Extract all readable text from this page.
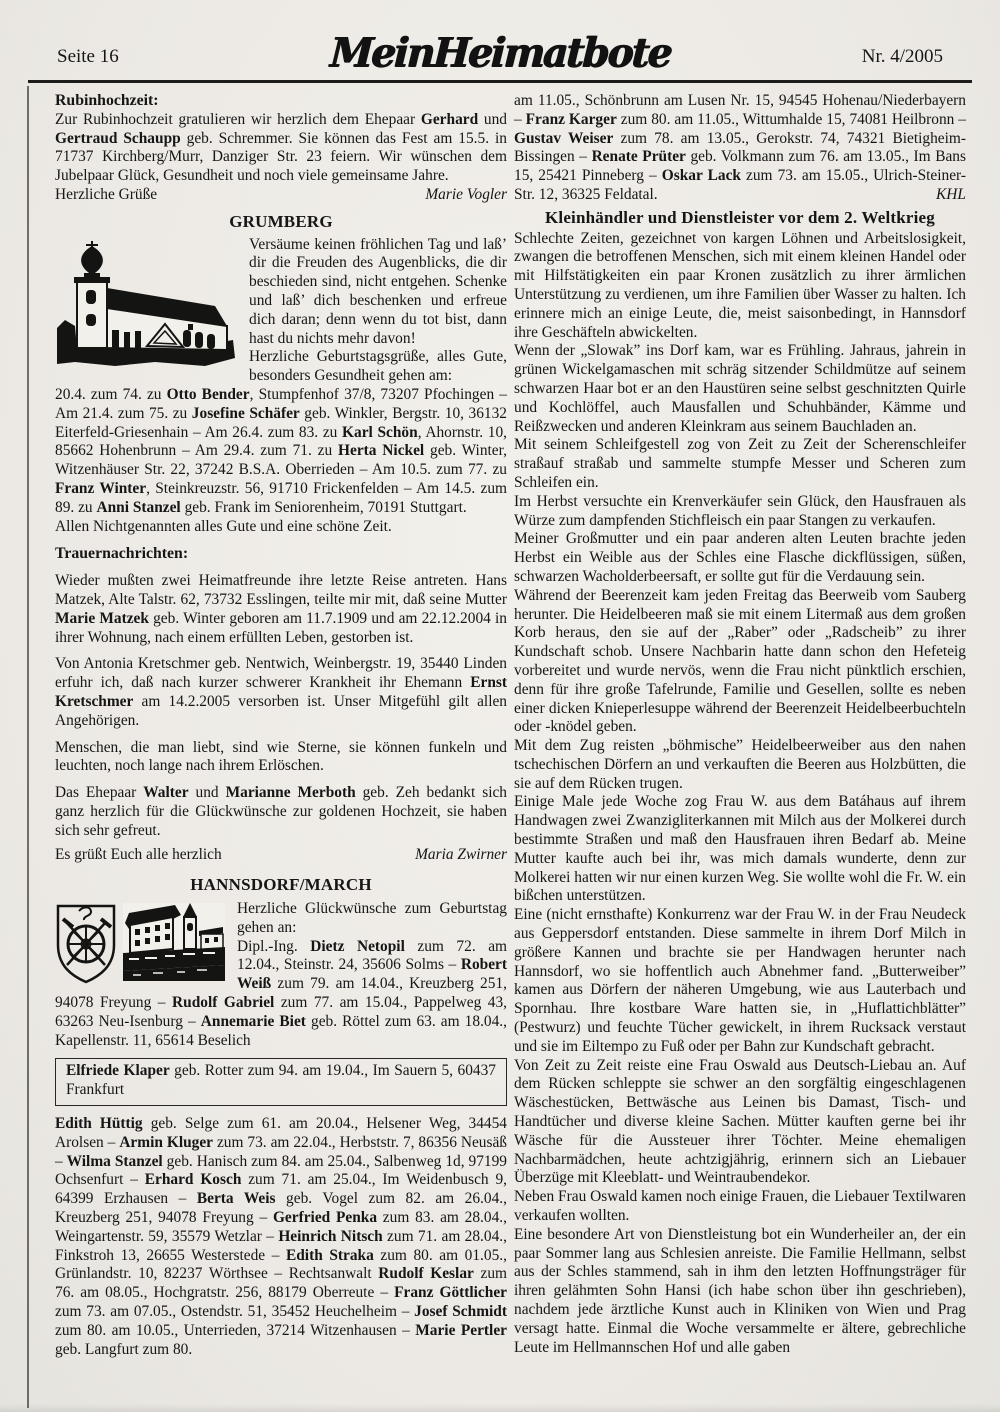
Seite 16	MeinHeimatbote	Nr. 4/2005

Rubinhochzeit:

Zur Rubinhochzeit gratulieren wir herzlich dem Ehepaar Gerhard und Gertraud Schaupp geb. Schremmer. Sie können das Fest am 15.5. in 71737 Kirchberg/Murr, Danziger Str. 23 feiern. Wir wünschen dem Jubelpaar Glück, Gesundheit und noch viele gemeinsame Jahre.

Herzliche Grüße	Marie Vogler

GRUMBERG

Versäume keinen fröhlichen Tag und laß’ dir die Freuden des Augenblicks, die dir beschieden sind, nicht entgehen. Schenke und laß’ dich beschenken und erfreue dich daran; denn wenn du tot bist, dann hast du nichts mehr davon!

Herzliche Geburtstagsgrüße, alles Gute, besonders Gesundheit gehen am:

20.4. zum 74. zu Otto Bender, Stumpfenhof 37/8, 73207 Pfochingen – Am 21.4. zum 75. zu Josefine Schäfer geb. Winkler, Bergstr. 10, 36132 Eiterfeld-Griesenhain – Am 26.4. zum 83. zu Karl Schön, Ahornstr. 10, 85662 Hohenbrunn – Am 29.4. zum 71. zu Herta Nickel geb. Winter, Witzenhäuser Str. 22, 37242 B.S.A. Oberrieden – Am 10.5. zum 77. zu Franz Winter, Steinkreuzstr. 56, 91710 Frickenfelden – Am 14.5. zum 89. zu Anni Stanzel geb. Frank im Seniorenheim, 70191 Stuttgart.

Allen Nichtgenannten alles Gute und eine schöne Zeit.

Trauernachrichten:

Wieder mußten zwei Heimatfreunde ihre letzte Reise antreten. Hans Matzek, Alte Talstr. 62, 73732 Esslingen, teilte mir mit, daß seine Mutter Marie Matzek geb. Winter geboren am 11.7.1909 und am 22.12.2004 in ihrer Wohnung, nach einem erfüllten Leben, gestorben ist.

Von Antonia Kretschmer geb. Nentwich, Weinbergstr. 19, 35440 Linden erfuhr ich, daß nach kurzer schwerer Krankheit ihr Ehemann Ernst Kretschmer am 14.2.2005 versorben ist. Unser Mitgefühl gilt allen Angehörigen.

Menschen, die man liebt, sind wie Sterne, sie können funkeln und leuchten, noch lange nach ihrem Erlöschen.

Das Ehepaar Walter und Marianne Merboth geb. Zeh bedankt sich ganz herzlich für die Glückwünsche zur goldenen Hochzeit, sie haben sich sehr gefreut.

Es grüßt Euch alle herzlich	Maria Zwirner

HANNSDORF/MARCH

Herzliche Glückwünsche zum Geburtstag gehen an:

Dipl.-Ing. Dietz Netopil zum 72. am 12.04., Steinstr. 24, 35606 Solms – Robert Weiß zum 79. am 14.04., Kreuzberg 251, 94078 Freyung – Rudolf Gabriel zum 77. am 15.04., Pappelweg 43, 63263 Neu-Isenburg – Annemarie Biet geb. Röttel zum 63. am 18.04., Kapellenstr. 11, 65614 Beselich

Elfriede Klaper geb. Rotter zum 94. am 19.04., Im Sauern 5, 60437 Frankfurt

Edith Hüttig geb. Selge zum 61. am 20.04., Helsener Weg, 34454 Arolsen – Armin Kluger zum 73. am 22.04., Herbststr. 7, 86356 Neusäß – Wilma Stanzel geb. Hanisch zum 84. am 25.04., Salbenweg 1d, 97199 Ochsenfurt – Erhard Kosch zum 71. am 25.04., Im Weidenbusch 9, 64399 Erzhausen – Berta Weis geb. Vogel zum 82. am 26.04., Kreuzberg 251, 94078 Freyung – Gerfried Penka zum 83. am 28.04., Weingartenstr. 59, 35579 Wetzlar – Heinrich Nitsch zum 71. am 28.04., Finkstroh 13, 26655 Westerstede – Edith Straka zum 80. am 01.05., Grünlandstr. 10, 82237 Wörthsee – Rechtsanwalt Rudolf Keslar zum 76. am 08.05., Hochgratstr. 256, 88179 Oberreute – Franz Göttlicher zum 73. am 07.05., Ostendstr. 51, 35452 Heuchelheim – Josef Schmidt zum 80. am 10.05., Unterrieden, 37214 Witzenhausen – Marie Pertler geb. Langfurt zum 80.

am 11.05., Schönbrunn am Lusen Nr. 15, 94545 Hohenau/Niederbayern – Franz Karger zum 80. am 11.05., Wittumhalde 15, 74081 Heilbronn – Gustav Weiser zum 78. am 13.05., Gerokstr. 74, 74321 Bietigheim-Bissingen – Renate Prüter geb. Volkmann zum 76. am 13.05., Im Bans 15, 25421 Pinneberg – Oskar Lack zum 73. am 15.05., Ulrich-Steiner-Str. 12, 36325 Feldatal. 	KHL

Kleinhändler und Dienstleister vor dem 2. Weltkrieg

Schlechte Zeiten, gezeichnet von kargen Löhnen und Arbeitslosigkeit, zwangen die betroffenen Menschen, sich mit einem kleinen Handel oder mit Hilfstätigkeiten ein paar Kronen zusätzlich zu ihrer ärmlichen Unterstützung zu verdienen, um ihre Familien über Wasser zu halten. Ich erinnere mich an einige Leute, die, meist saisonbedingt, in Hannsdorf ihre Geschäfteln abwickelten.

Wenn der „Slowak” ins Dorf kam, war es Frühling. Jahraus, jahrein in grünen Wickelgamaschen mit schräg sitzender Schildmütze auf seinem schwarzen Haar bot er an den Haustüren seine selbst geschnitzten Quirle und Kochlöffel, auch Mausfallen und Schuhbänder, Kämme und Reißzwecken und anderen Kleinkram aus seinem Bauchladen an.

Mit seinem Schleifgestell zog von Zeit zu Zeit der Scherenschleifer straßauf straßab und sammelte stumpfe Messer und Scheren zum Schleifen ein.

Im Herbst versuchte ein Krenverkäufer sein Glück, den Hausfrauen als Würze zum dampfenden Stichfleisch ein paar Stangen zu verkaufen.

Meiner Großmutter und ein paar anderen alten Leuten brachte jeden Herbst ein Weible aus der Schles eine Flasche dickflüssigen, süßen, schwarzen Wacholderbeersaft, er sollte gut für die Verdauung sein.

Während der Beerenzeit kam jeden Freitag das Beerweib vom Sauberg herunter. Die Heidelbeeren maß sie mit einem Litermaß aus dem großen Korb heraus, den sie auf der „Raber” oder „Radscheib” zu ihrer Kundschaft schob. Unsere Nachbarin hatte dann schon den Hefeteig vorbereitet und wurde nervös, wenn die Frau nicht pünktlich erschien, denn für ihre große Tafelrunde, Familie und Gesellen, sollte es neben einer dicken Knieperlesuppe während der Beerenzeit Heidelbeerbuchteln oder -knödel geben.

Mit dem Zug reisten „böhmische” Heidelbeerweiber aus den nahen tschechischen Dörfern an und verkauften die Beeren aus Holzbütten, die sie auf dem Rücken trugen.

Einige Male jede Woche zog Frau W. aus dem Batáhaus auf ihrem Handwagen zwei Zwanzigliterkannen mit Milch aus der Molkerei durch bestimmte Straßen und maß den Hausfrauen ihren Bedarf ab. Meine Mutter kaufte auch bei ihr, was mich damals wunderte, denn zur Molkerei hatten wir nur einen kurzen Weg. Sie wollte wohl die Fr. W. ein bißchen unterstützen.

Eine (nicht ernsthafte) Konkurrenz war der Frau W. in der Frau Neudeck aus Geppersdorf entstanden. Diese sammelte in ihrem Dorf Milch in größere Kannen und brachte sie per Handwagen herunter nach Hannsdorf, wo sie hoffentlich auch Abnehmer fand. „Butterweiber” kamen aus Dörfern der näheren Umgebung, wie aus Lauterbach und Spornhau. Ihre kostbare Ware hatten sie, in „Huflattichblätter” (Pestwurz) und feuchte Tücher gewickelt, in ihrem Rucksack verstaut und sie im Eiltempo zu Fuß oder per Bahn zur Kundschaft gebracht.

Von Zeit zu Zeit reiste eine Frau Oswald aus Deutsch-Liebau an. Auf dem Rücken schleppte sie schwer an den sorgfältig eingeschlagenen Wäschestücken, Bettwäsche aus Leinen bis Damast, Tisch- und Handtücher und diverse kleine Sachen. Mütter kauften gerne bei ihr Wäsche für die Aussteuer ihrer Töchter. Meine ehemaligen Nachbarmädchen, heute achtzigjährig, erinnern sich an Liebauer Überzüge mit Kleeblatt- und Weintraubendekor.

Neben Frau Oswald kamen noch einige Frauen, die Liebauer Textilwaren verkaufen wollten.

Eine besondere Art von Dienstleistung bot ein Wunderheiler an, der ein paar Sommer lang aus Schlesien anreiste. Die Familie Hellmann, selbst aus der Schles stammend, sah in ihm den letzten Hoffnungsträger für ihren gelähmten Sohn Hansi (ich habe schon über ihn geschrieben), nachdem jede ärztliche Kunst auch in Kliniken von Wien und Prag versagt hatte. Einmal die Woche versammelte er ältere, gebrechliche Leute im Hellmannschen Hof und alle gaben
